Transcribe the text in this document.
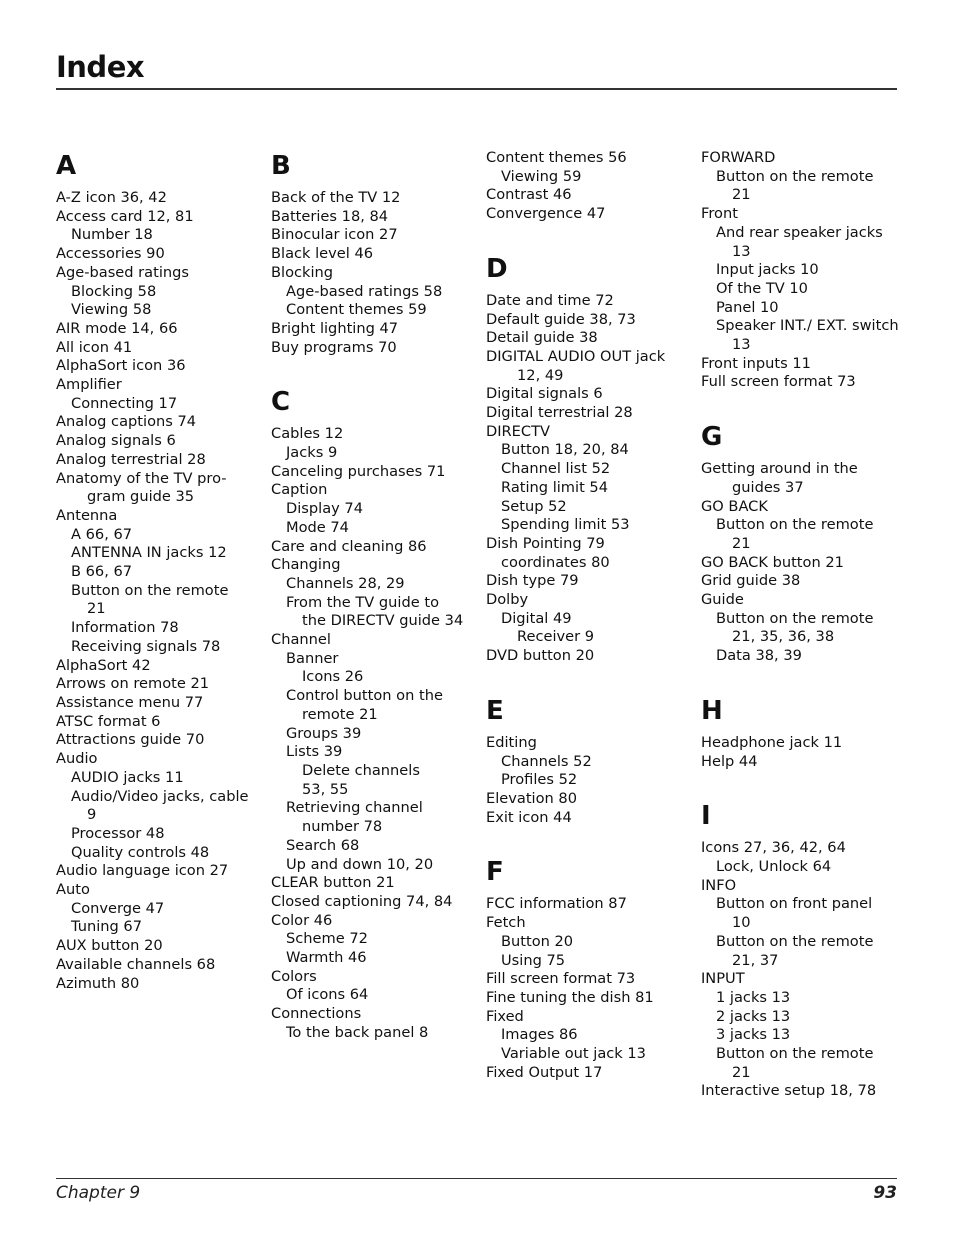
Index
A
A-Z icon 36, 42
Access card 12, 81
Number 18
Accessories 90
Age-based ratings
Blocking 58
Viewing 58
AIR mode 14, 66
All icon 41
AlphaSort icon 36
Amplifier
Connecting 17
Analog captions 74
Analog signals 6
Analog terrestrial 28
Anatomy of the TV pro-
gram guide 35
Antenna
A 66, 67
ANTENNA IN jacks 12
B 66, 67
Button on the remote
21
Information 78
Receiving signals 78
AlphaSort 42
Arrows on remote 21
Assistance menu 77
ATSC format 6
Attractions guide 70
Audio
AUDIO jacks 11
Audio/Video jacks, cable
9
Processor 48
Quality controls 48
Audio language icon 27
Auto
Converge 47
Tuning 67
AUX button 20
Available channels 68
Azimuth 80
B
Back of the TV 12
Batteries 18, 84
Binocular icon 27
Black level 46
Blocking
Age-based ratings 58
Content themes 59
Bright lighting 47
Buy programs 70
C
Cables 12
Jacks 9
Canceling purchases 71
Caption
Display 74
Mode 74
Care and cleaning 86
Changing
Channels 28, 29
From the TV guide to
the DIRECTV guide 34
Channel
Banner
Icons 26
Control button on the
remote 21
Groups 39
Lists 39
Delete channels
53, 55
Retrieving channel
number 78
Search 68
Up and down 10, 20
CLEAR button 21
Closed captioning 74, 84
Color 46
Scheme 72
Warmth 46
Colors
Of icons 64
Connections
To the back panel 8
Content themes 56
Viewing 59
Contrast 46
Convergence 47
D
Date and time 72
Default guide 38, 73
Detail guide 38
DIGITAL AUDIO OUT jack
12, 49
Digital signals 6
Digital terrestrial 28
DIRECTV
Button 18, 20, 84
Channel list 52
Rating limit 54
Setup 52
Spending limit 53
Dish Pointing 79
coordinates 80
Dish type 79
Dolby
Digital 49
Receiver 9
DVD button 20
E
Editing
Channels 52
Profiles 52
Elevation 80
Exit icon 44
F
FCC information 87
Fetch
Button 20
Using 75
Fill screen format 73
Fine tuning the dish 81
Fixed
Images 86
Variable out jack 13
Fixed Output 17
FORWARD
Button on the remote
21
Front
And rear speaker jacks
13
Input jacks 10
Of the TV 10
Panel 10
Speaker INT./ EXT. switch
13
Front inputs 11
Full screen format 73
G
Getting around in the
guides 37
GO BACK
Button on the remote
21
GO BACK button 21
Grid guide 38
Guide
Button on the remote
21, 35, 36, 38
Data 38, 39
H
Headphone jack 11
Help 44
I
Icons 27, 36, 42, 64
Lock, Unlock 64
INFO
Button on front panel
10
Button on the remote
21, 37
INPUT
1 jacks 13
2 jacks 13
3 jacks 13
Button on the remote
21
Interactive setup 18, 78
Chapter 9	93
